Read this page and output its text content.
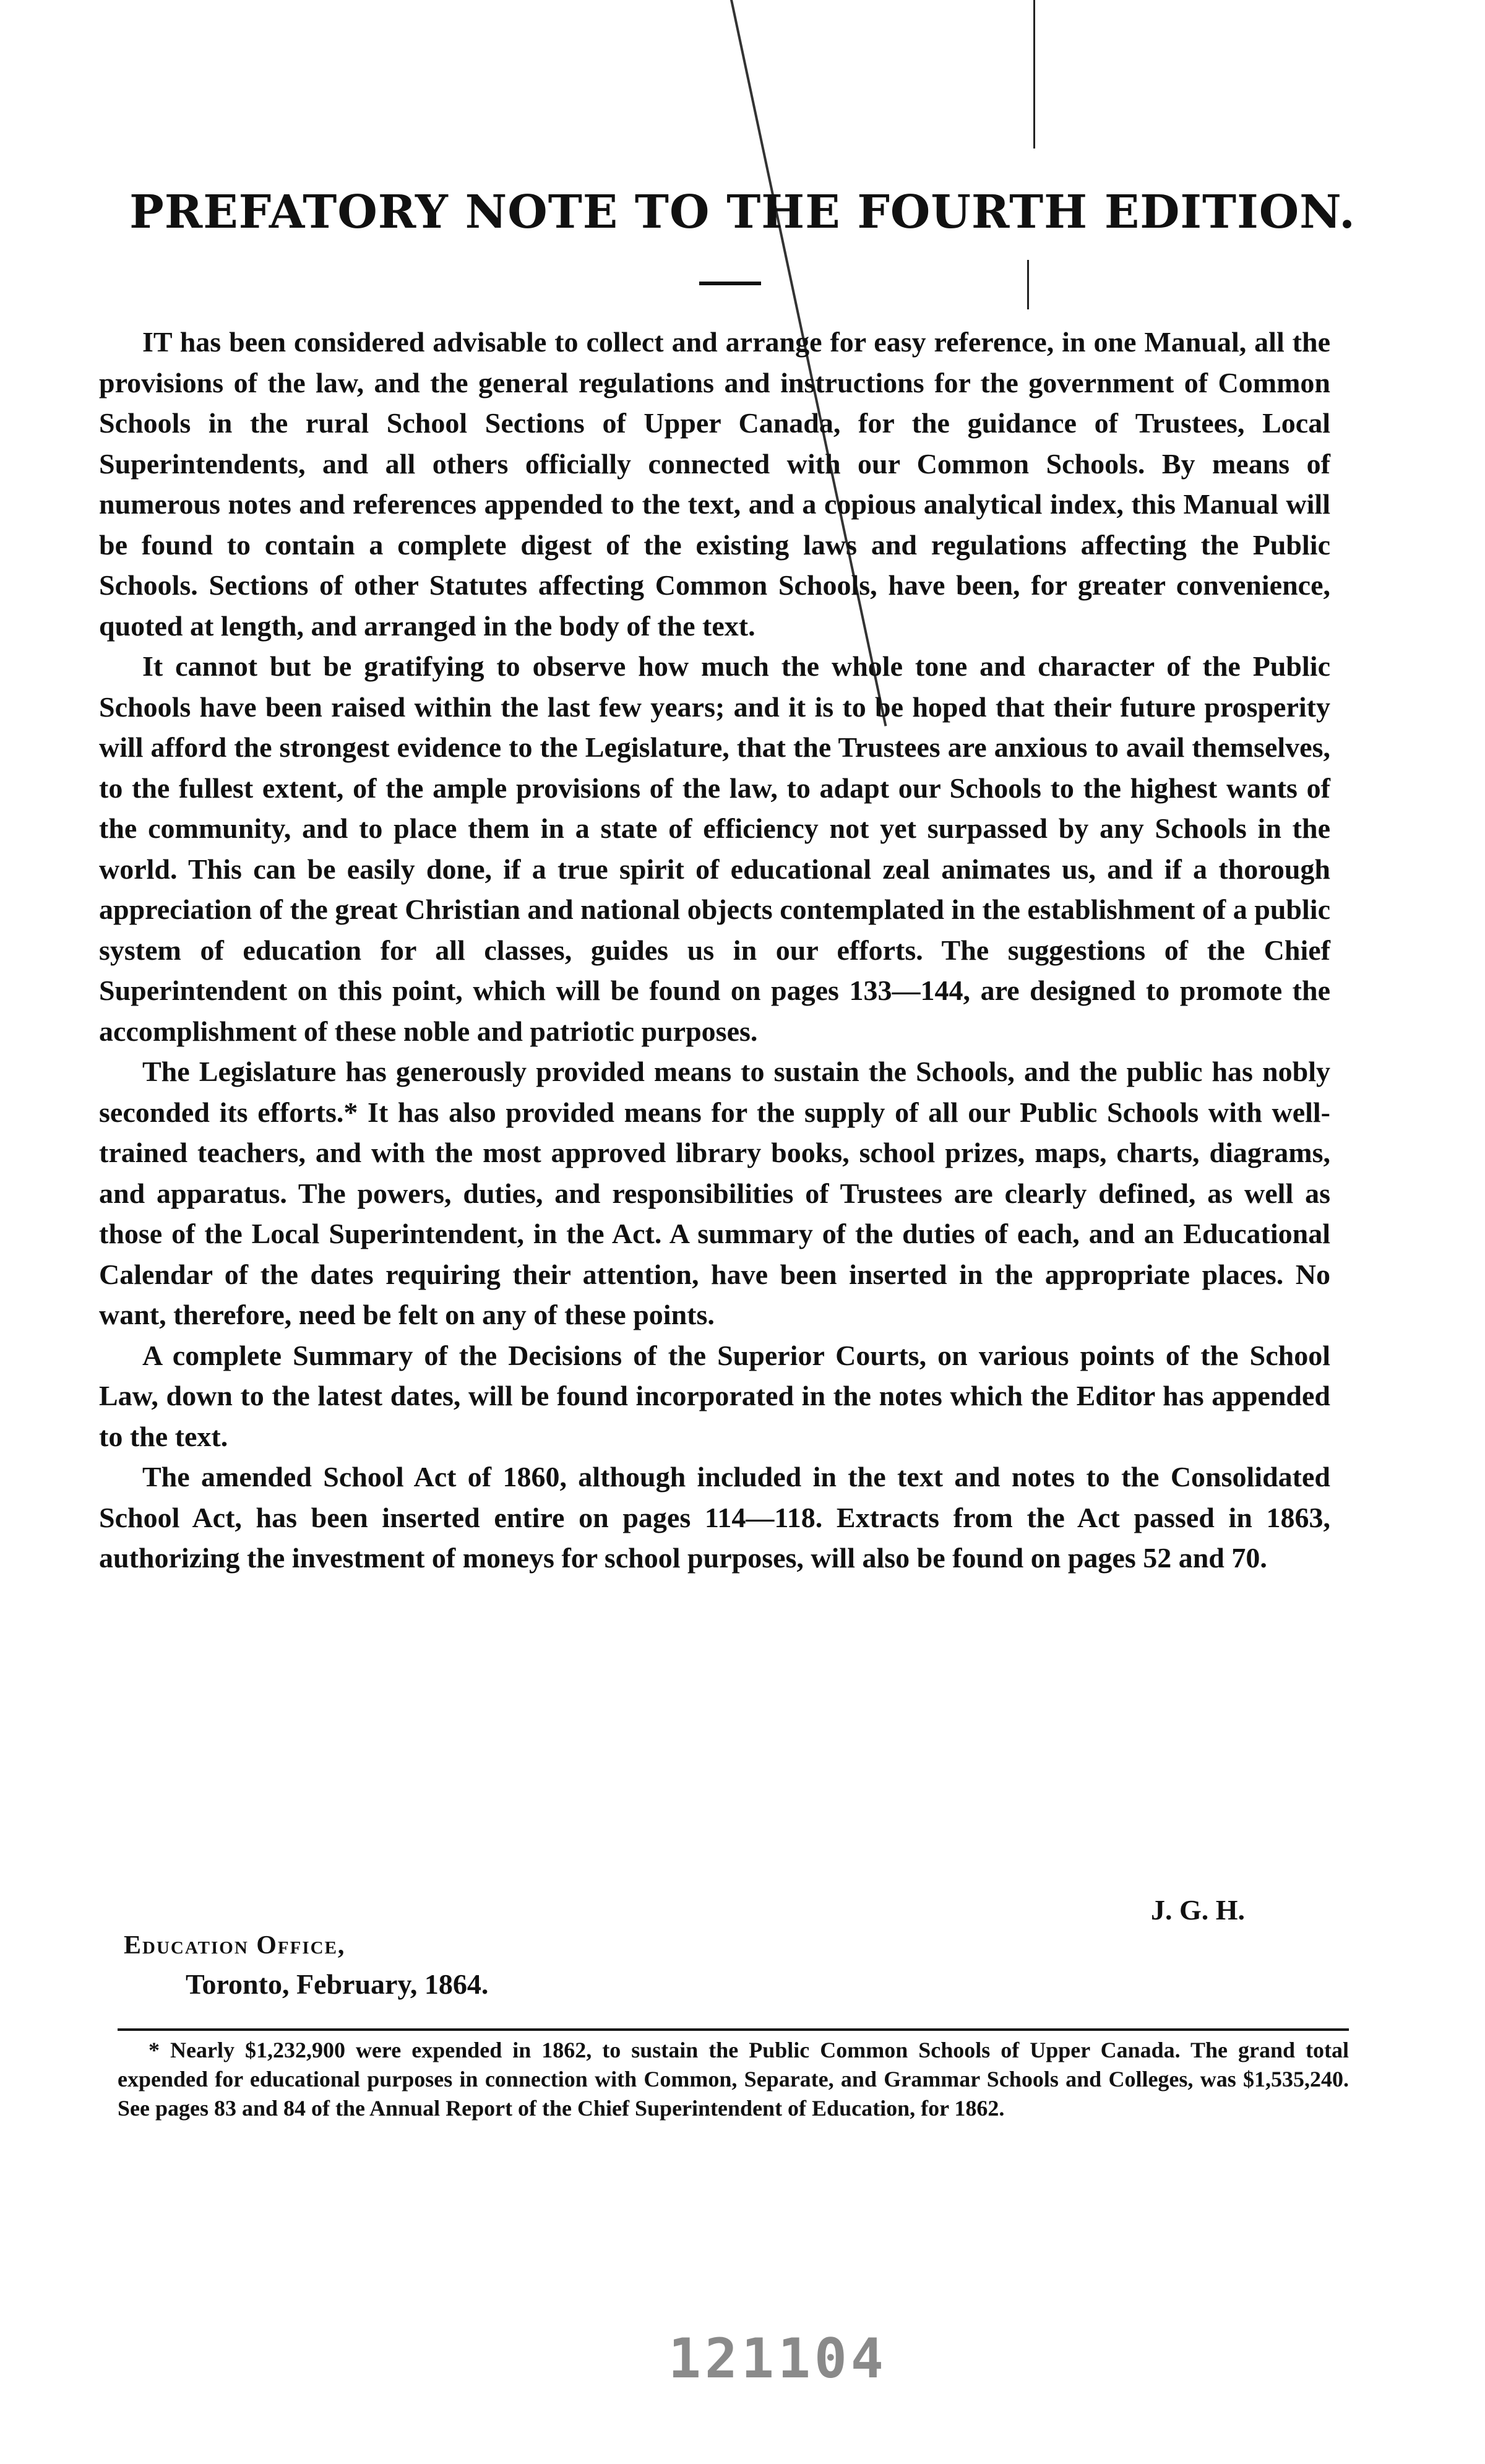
PREFATORY NOTE TO THE FOURTH EDITION.

IT has been considered advisable to collect and arrange for easy reference, in one Manual, all the provisions of the law, and the general regulations and instructions for the government of Common Schools in the rural School Sections of Upper Canada, for the guidance of Trustees, Local Superintendents, and all others officially connected with our Common Schools. By means of numerous notes and references appended to the text, and a copious analytical index, this Manual will be found to contain a complete digest of the existing laws and regulations affecting the Public Schools. Sections of other Statutes affecting Common Schools, have been, for greater convenience, quoted at length, and arranged in the body of the text.

It cannot but be gratifying to observe how much the whole tone and character of the Public Schools have been raised within the last few years; and it is to be hoped that their future prosperity will afford the strongest evidence to the Legislature, that the Trustees are anxious to avail themselves, to the fullest extent, of the ample provisions of the law, to adapt our Schools to the highest wants of the community, and to place them in a state of efficiency not yet surpassed by any Schools in the world. This can be easily done, if a true spirit of educational zeal animates us, and if a thorough appreciation of the great Christian and national objects contemplated in the establishment of a public system of education for all classes, guides us in our efforts. The suggestions of the Chief Superintendent on this point, which will be found on pages 133—144, are designed to promote the accomplishment of these noble and patriotic purposes.

The Legislature has generously provided means to sustain the Schools, and the public has nobly seconded its efforts.* It has also provided means for the supply of all our Public Schools with well-trained teachers, and with the most approved library books, school prizes, maps, charts, diagrams, and apparatus. The powers, duties, and responsibilities of Trustees are clearly defined, as well as those of the Local Superintendent, in the Act. A summary of the duties of each, and an Educational Calendar of the dates requiring their attention, have been inserted in the appropriate places. No want, therefore, need be felt on any of these points.

A complete Summary of the Decisions of the Superior Courts, on various points of the School Law, down to the latest dates, will be found incorporated in the notes which the Editor has appended to the text.

The amended School Act of 1860, although included in the text and notes to the Consolidated School Act, has been inserted entire on pages 114—118. Extracts from the Act passed in 1863, authorizing the investment of moneys for school purposes, will also be found on pages 52 and 70.

J. G. H.
Education Office,
Toronto, February, 1864.

* Nearly $1,232,900 were expended in 1862, to sustain the Public Common Schools of Upper Canada. The grand total expended for educational purposes in connection with Common, Separate, and Grammar Schools and Colleges, was $1,535,240. See pages 83 and 84 of the Annual Report of the Chief Superintendent of Education, for 1862.

121104
